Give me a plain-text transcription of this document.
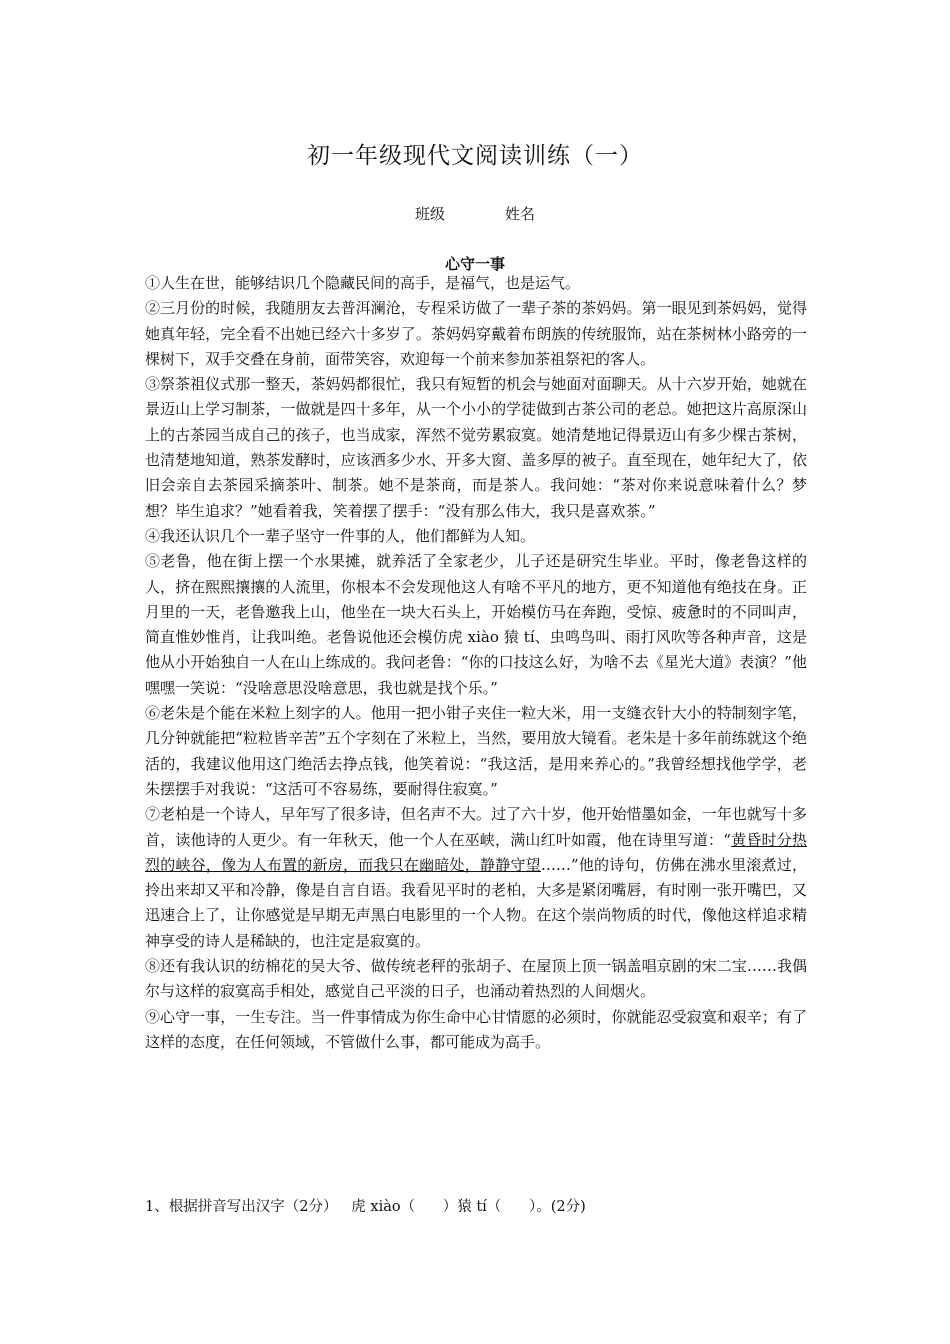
初一年级现代文阅读训练（一）
班级	姓名
心守一事

①人生在世，能够结识几个隐藏民间的高手，是福气，也是运气。

②三月份的时候，我随朋友去普洱澜沧，专程采访做了一辈子茶的茶妈妈。第一眼见到茶妈妈，觉得她真年轻，完全看不出她已经六十多岁了。茶妈妈穿戴着布朗族的传统服饰，站在茶树林小路旁的一棵树下，双手交叠在身前，面带笑容，欢迎每一个前来参加茶祖祭祀的客人。

③祭茶祖仪式那一整天，茶妈妈都很忙，我只有短暂的机会与她面对面聊天。从十六岁开始，她就在景迈山上学习制茶，一做就是四十多年，从一个小小的学徒做到古茶公司的老总。她把这片高原深山上的古茶园当成自己的孩子，也当成家，浑然不觉劳累寂寞。她清楚地记得景迈山有多少棵古茶树，也清楚地知道，熟茶发酵时，应该洒多少水、开多大窗、盖多厚的被子。直至现在，她年纪大了，依旧会亲自去茶园采摘茶叶、制茶。她不是茶商，而是茶人。我问她：“茶对你来说意味着什么？梦想？毕生追求？”她看着我，笑着摆了摆手：“没有那么伟大，我只是喜欢茶。”

④我还认识几个一辈子坚守一件事的人，他们都鲜为人知。

⑤老鲁，他在街上摆一个水果摊，就养活了全家老少，儿子还是研究生毕业。平时，像老鲁这样的人，挤在熙熙攘攘的人流里，你根本不会发现他这人有啥不平凡的地方，更不知道他有绝技在身。正月里的一天，老鲁邀我上山，他坐在一块大石头上，开始模仿马在奔跑，受惊、疲惫时的不同叫声，简直惟妙惟肖，让我叫绝。老鲁说他还会模仿虎 xiào 猿 tí、虫鸣鸟叫、雨打风吹等各种声音，这是他从小开始独自一人在山上练成的。我问老鲁：“你的口技这么好，为啥不去《星光大道》表演？”他嘿嘿一笑说：“没啥意思没啥意思，我也就是找个乐。”

⑥老朱是个能在米粒上刻字的人。他用一把小钳子夹住一粒大米，用一支缝衣针大小的特制刻字笔，几分钟就能把“粒粒皆辛苦”五个字刻在了米粒上，当然，要用放大镜看。老朱是十多年前练就这个绝活的，我建议他用这门绝活去挣点钱，他笑着说：“我这活，是用来养心的。”我曾经想找他学学，老朱摆摆手对我说：“这活可不容易练，要耐得住寂寞。”

⑦老柏是一个诗人，早年写了很多诗，但名声不大。过了六十岁，他开始惜墨如金，一年也就写十多首，读他诗的人更少。有一年秋天，他一个人在巫峡，满山红叶如霞，他在诗里写道：“黄昏时分热烈的峡谷，像为人布置的新房，而我只在幽暗处，静静守望……”他的诗句，仿佛在沸水里滚煮过，拎出来却又平和冷静，像是自言自语。我看见平时的老柏，大多是紧闭嘴唇，有时刚一张开嘴巴，又迅速合上了，让你感觉是早期无声黑白电影里的一个人物。在这个崇尚物质的时代，像他这样追求精神享受的诗人是稀缺的，也注定是寂寞的。

⑧还有我认识的纺棉花的吴大爷、做传统老秤的张胡子、在屋顶上顶一锅盖唱京剧的宋二宝……我偶尔与这样的寂寞高手相处，感觉自己平淡的日子，也涌动着热烈的人间烟火。

⑨心守一事，一生专注。当一件事情成为你生命中心甘情愿的必须时，你就能忍受寂寞和艰辛；有了这样的态度，在任何领域，不管做什么事，都可能成为高手。

1、根据拼音写出汉字（2分）   虎 xiào（      ）猿 tí（      ）。(2分)
